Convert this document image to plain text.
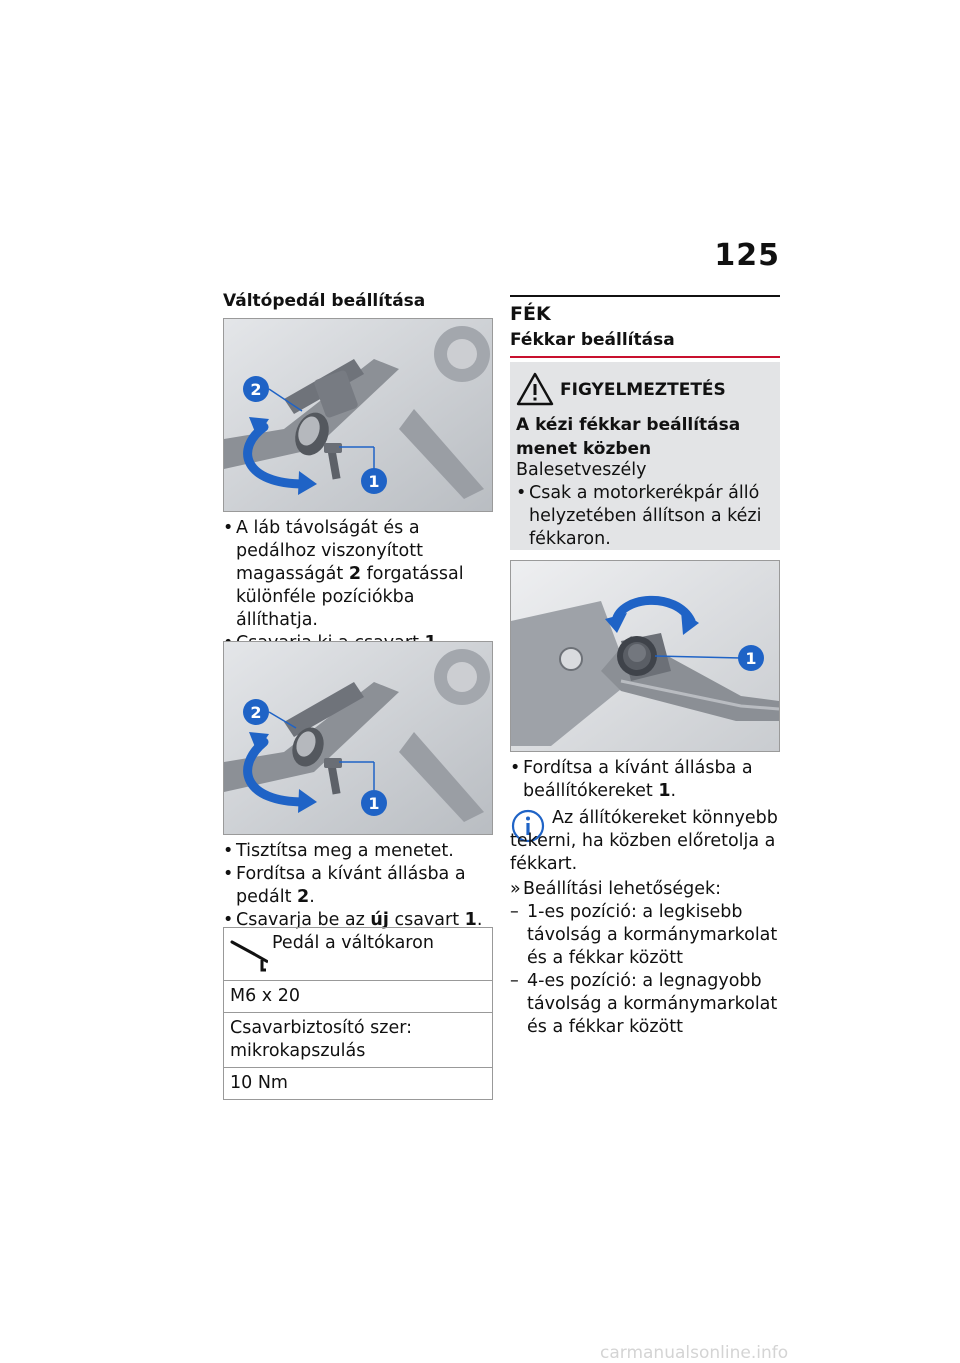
125
Váltópedál beállítása
2
1
• A láb távolságát és a pedálhoz viszonyított magasságát 2 forgatással különféle pozíciókba állíthatja.
•
2
1
• Tisztítsa meg a menetet.
• Fordítsa a kívánt állásba a pedált 2.
• Csavarja be az új csavart 1.
Pedál a váltókaron
M6 x 20
Csavarbiztosító szer: mikrokapszulás
10 Nm
FÉK
Fékkar beállítása
FIGYELMEZTETÉS
A kézi fékkar beállítása menet közben
Balesetveszély
• Csak a motorkerékpár álló helyzetében állítson a kézi fékkaron.
1
• Fordítsa a kívánt állásba a beállítókereket 1.
Az állítókereket könnyebb tekerni, ha közben előretolja a fékkart.
» Beállítási lehetőségek:
– 1-es pozíció: a legkisebb távolság a kormánymarkolat és a fékkar között
– 4-es pozíció: a legnagyobb távolság a kormánymarkolat és a fékkar között
carmanualsonline.info
